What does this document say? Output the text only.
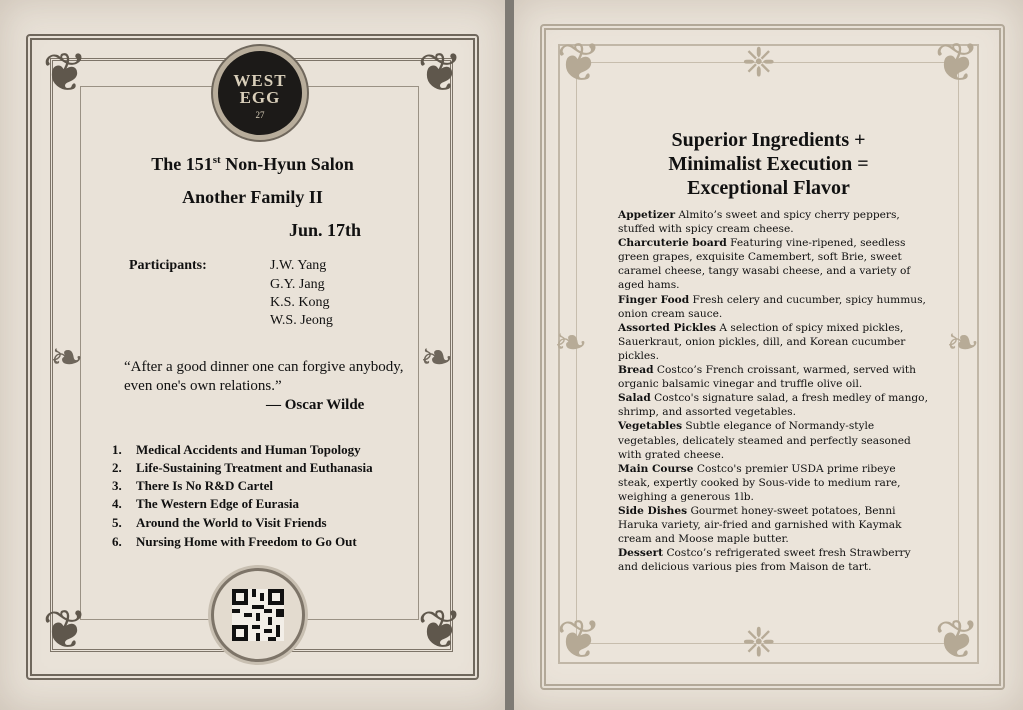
❦	❦
❦	❦
❧	❧
WEST
EGG
27
The 151st Non-Hyun Salon
Another Family II
Jun. 17th
Participants:	J.W. Yang
G.Y. Jang
K.S. Kong
W.S. Jeong
“After a good dinner one can forgive anybody, even one's own relations.”
— Oscar Wilde
1. Medical Accidents and Human Topology
2. Life-Sustaining Treatment and Euthanasia
3. There Is No R&D Cartel
4. The Western Edge of Eurasia
5. Around the World to Visit Friends
6. Nursing Home with Freedom to Go Out
❦	❦
❦	❦
❈
❈
❧	❧
Superior Ingredients +
Minimalist Execution =
Exceptional Flavor

Appetizer Almito’s sweet and spicy cherry peppers, stuffed with spicy cream cheese.

Charcuterie board Featuring vine-ripened, seedless green grapes, exquisite Camembert, soft Brie, sweet caramel cheese, tangy wasabi cheese, and a variety of aged hams.

Finger Food Fresh celery and cucumber, spicy hummus, onion cream sauce.

Assorted Pickles A selection of spicy mixed pickles, Sauerkraut, onion pickles, dill, and Korean cucumber pickles.

Bread Costco’s French croissant, warmed, served with organic balsamic vinegar and truffle olive oil.

Salad Costco's signature salad, a fresh medley of mango, shrimp, and assorted vegetables.

Vegetables Subtle elegance of Normandy-style vegetables, delicately steamed and perfectly seasoned with grated cheese.

Main Course Costco's premier USDA prime ribeye steak, expertly cooked by Sous-vide to medium rare, weighing a generous 1lb.

Side Dishes Gourmet honey-sweet potatoes, Benni Haruka variety, air-fried and garnished with Kaymak cream and Moose maple butter.

Dessert Costco’s refrigerated sweet fresh Strawberry and delicious various pies from Maison de tart.
